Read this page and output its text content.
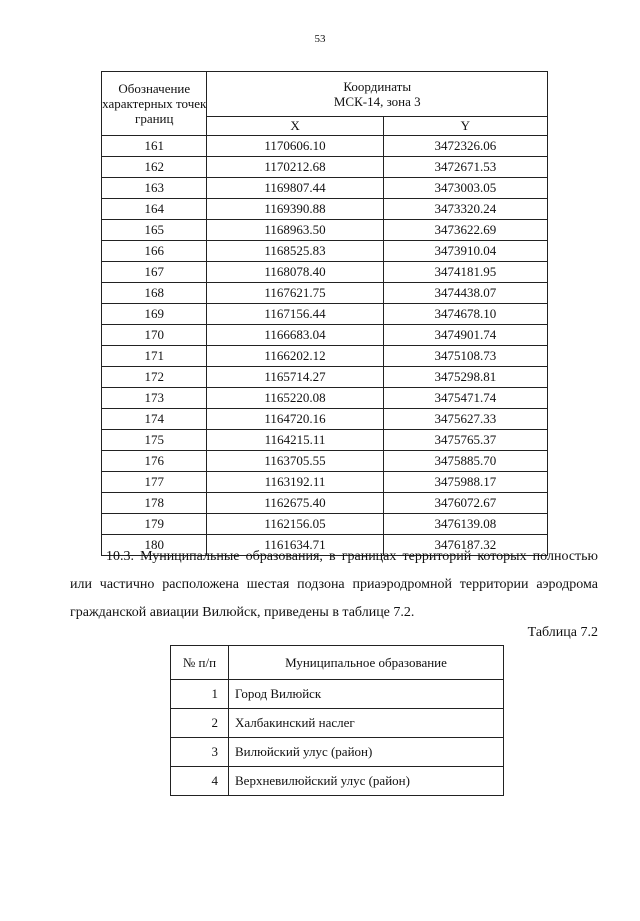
53
Обозначение характерных точек границ	Координаты
МСК-14, зона 3	
	X	Y
161	1170606.10	3472326.06
162	1170212.68	3472671.53
163	1169807.44	3473003.05
164	1169390.88	3473320.24
165	1168963.50	3473622.69
166	1168525.83	3473910.04
167	1168078.40	3474181.95
168	1167621.75	3474438.07
169	1167156.44	3474678.10
170	1166683.04	3474901.74
171	1166202.12	3475108.73
172	1165714.27	3475298.81
173	1165220.08	3475471.74
174	1164720.16	3475627.33
175	1164215.11	3475765.37
176	1163705.55	3475885.70
177	1163192.11	3475988.17
178	1162675.40	3476072.67
179	1162156.05	3476139.08
180	1161634.71	3476187.32

10.3. Муниципальные образования, в границах территорий которых полностью или частично расположена шестая подзона приаэродромной территории аэродрома гражданской авиации Вилюйск, приведены в таблице 7.2.

Таблица 7.2
№ п/п	Муниципальное образование
1	Город Вилюйск
2	Халбакинский наслег
3	Вилюйский улус (район)
4	Верхневилюйский улус (район)
